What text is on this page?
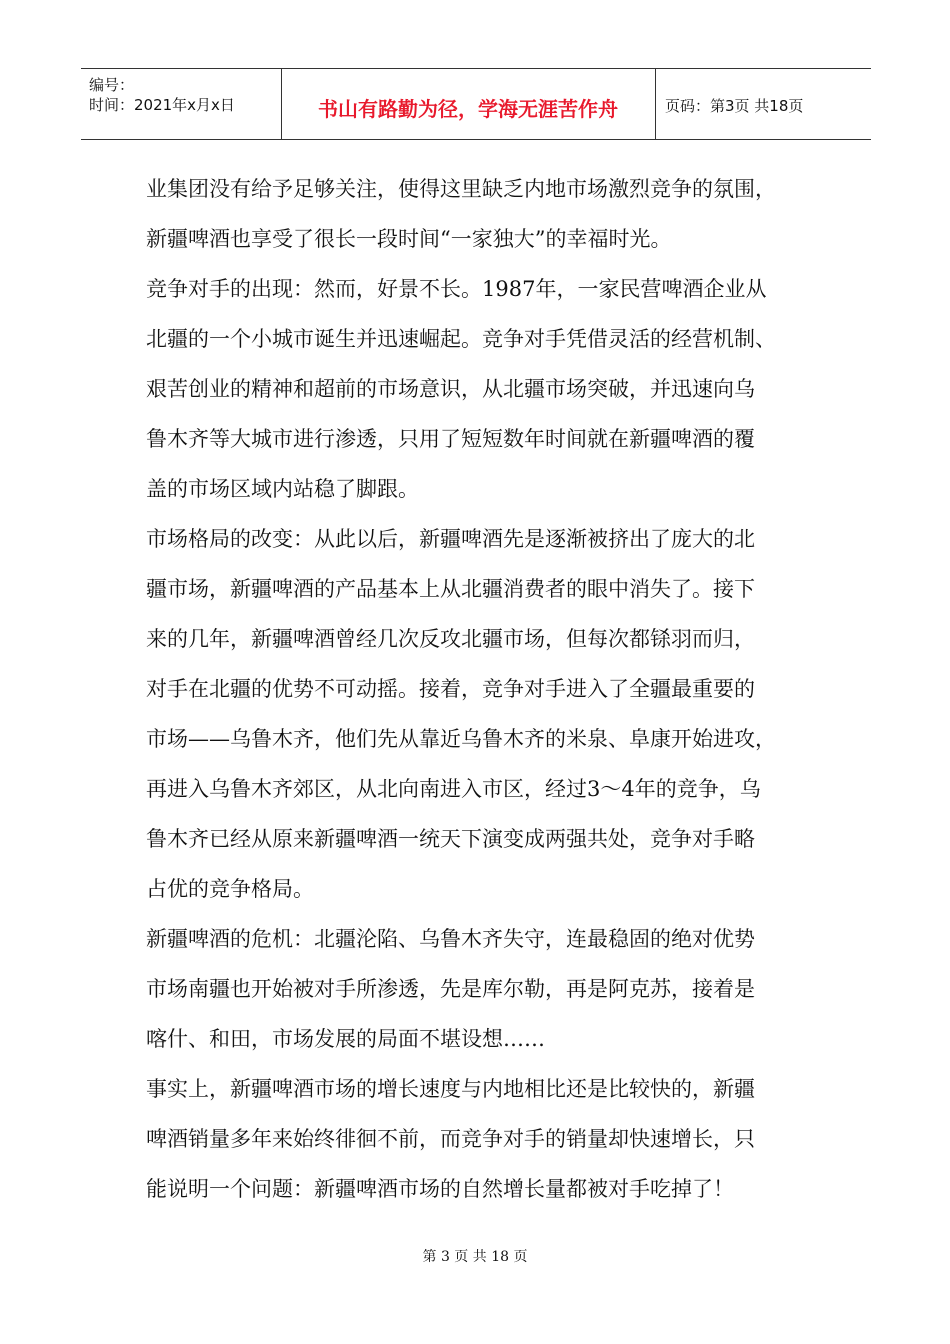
编号：
时间：2021年x月x日	书山有路勤为径，学海无涯苦作舟	页码：第3页 共18页
业集团没有给予足够关注，使得这里缺乏内地市场激烈竞争的氛围，
新疆啤酒也享受了很长一段时间“一家独大”的幸福时光。
竞争对手的出现：然而，好景不长。1987年，一家民营啤酒企业从
北疆的一个小城市诞生并迅速崛起。竞争对手凭借灵活的经营机制、
艰苦创业的精神和超前的市场意识，从北疆市场突破，并迅速向乌
鲁木齐等大城市进行渗透，只用了短短数年时间就在新疆啤酒的覆
盖的市场区域内站稳了脚跟。
市场格局的改变：从此以后，新疆啤酒先是逐渐被挤出了庞大的北
疆市场，新疆啤酒的产品基本上从北疆消费者的眼中消失了。接下
来的几年，新疆啤酒曾经几次反攻北疆市场，但每次都铩羽而归，
对手在北疆的优势不可动摇。接着，竞争对手进入了全疆最重要的
市场——乌鲁木齐，他们先从靠近乌鲁木齐的米泉、阜康开始进攻，
再进入乌鲁木齐郊区，从北向南进入市区，经过3～4年的竞争，乌
鲁木齐已经从原来新疆啤酒一统天下演变成两强共处，竞争对手略
占优的竞争格局。
新疆啤酒的危机：北疆沦陷、乌鲁木齐失守，连最稳固的绝对优势
市场南疆也开始被对手所渗透，先是库尔勒，再是阿克苏，接着是
喀什、和田，市场发展的局面不堪设想……
事实上，新疆啤酒市场的增长速度与内地相比还是比较快的，新疆
啤酒销量多年来始终徘徊不前，而竞争对手的销量却快速增长，只
能说明一个问题：新疆啤酒市场的自然增长量都被对手吃掉了！
第 3 页 共 18 页
